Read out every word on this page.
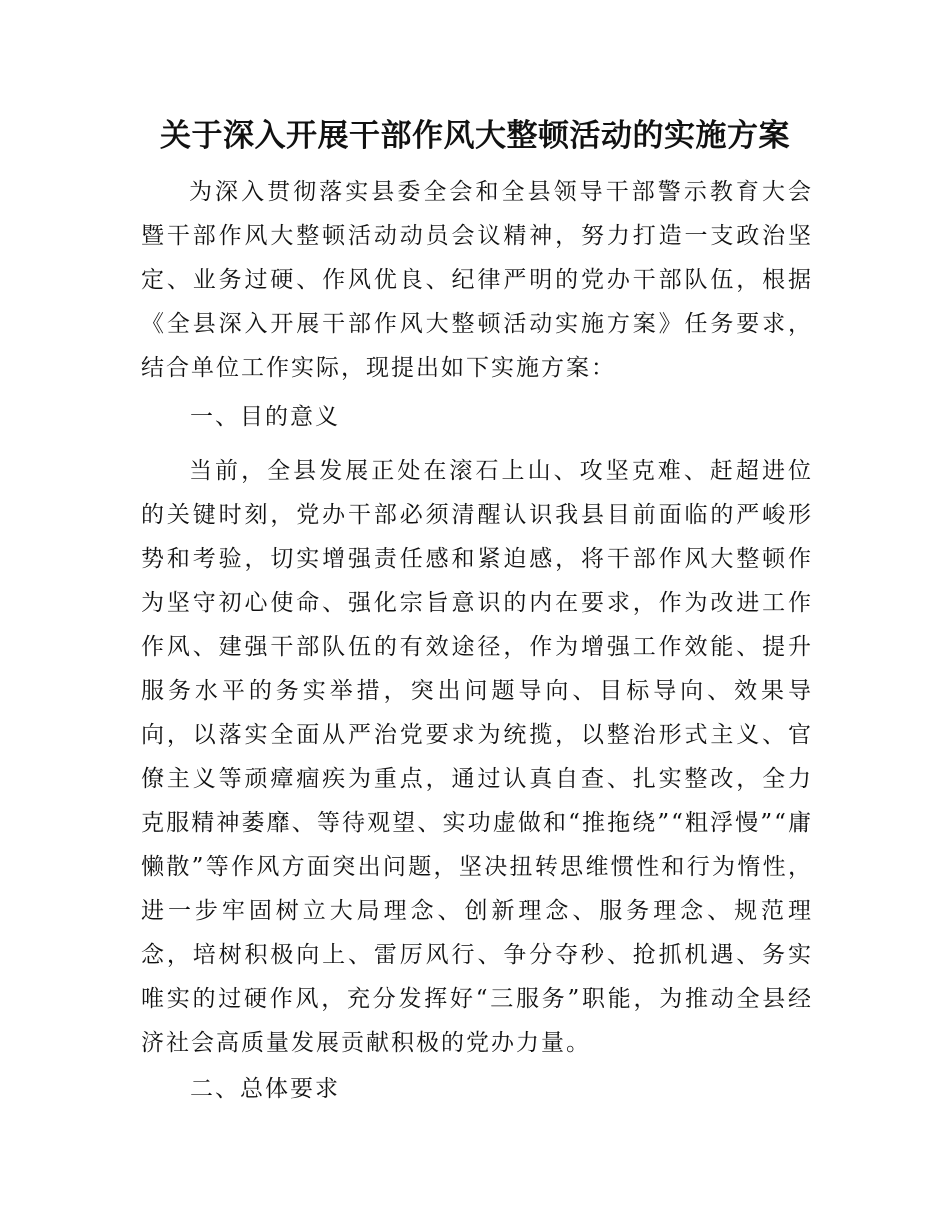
关于深入开展干部作风大整顿活动的实施方案

为深入贯彻落实县委全会和全县领导干部警示教育大会暨干部作风大整顿活动动员会议精神，努力打造一支政治坚定、业务过硬、作风优良、纪律严明的党办干部队伍，根据《全县深入开展干部作风大整顿活动实施方案》任务要求，结合单位工作实际，现提出如下实施方案：

一、目的意义

当前，全县发展正处在滚石上山、攻坚克难、赶超进位的关键时刻，党办干部必须清醒认识我县目前面临的严峻形势和考验，切实增强责任感和紧迫感，将干部作风大整顿作为坚守初心使命、强化宗旨意识的内在要求，作为改进工作作风、建强干部队伍的有效途径，作为增强工作效能、提升服务水平的务实举措，突出问题导向、目标导向、效果导向，以落实全面从严治党要求为统揽，以整治形式主义、官僚主义等顽瘴痼疾为重点，通过认真自查、扎实整改，全力克服精神萎靡、等待观望、实功虚做和“推拖绕”“粗浮慢”“庸懒散”等作风方面突出问题，坚决扭转思维惯性和行为惰性，进一步牢固树立大局理念、创新理念、服务理念、规范理念，培树积极向上、雷厉风行、争分夺秒、抢抓机遇、务实唯实的过硬作风，充分发挥好“三服务”职能，为推动全县经济社会高质量发展贡献积极的党办力量。

二、总体要求
